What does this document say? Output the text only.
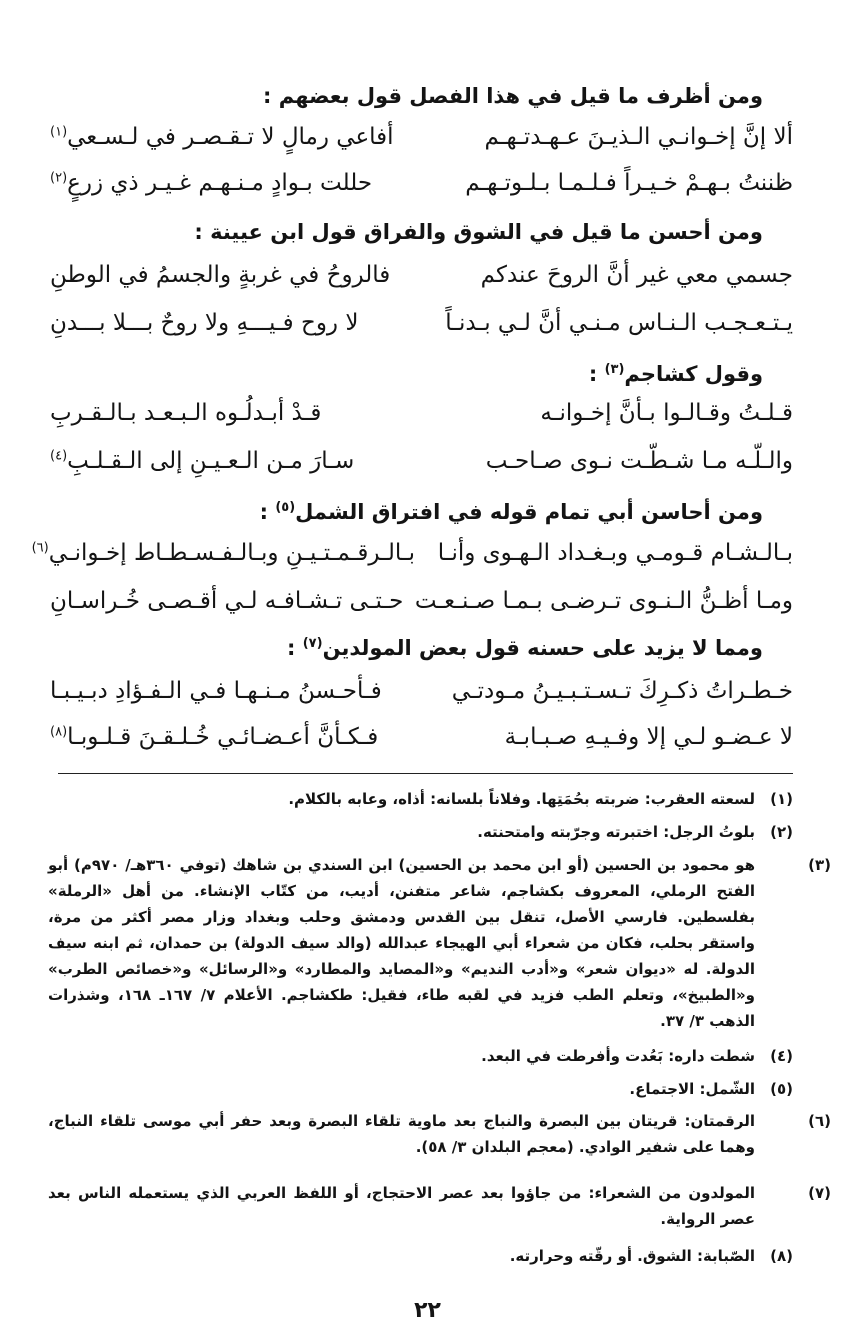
ومن أظرف ما قيل في هذا الفصل قول بعضهم :
ألا إنَّ إخـوانـي الـذيـنَ عـهـدتـهـم
أفاعي رمالٍ لا تـقـصـر في لـسـعي$^{(١)}$
ظننتُ بـهـمْ خـيـراً فـلـمـا بـلـوتـهـم
حللت بـوادٍ مـنـهـم غـيـر ذي زرعٍ$^{(٢)}$
ومن أحسن ما قيل في الشوق والفراق قول ابن عيينة :
جسمي معي غير أنَّ الروحَ عندكم
فالروحُ في غربةٍ والجسمُ في الوطنِ
يـتـعـجـب الـنـاس مـنـي أنَّ لـي بـدنـاً
لا روح فـيـــهِ ولا روحٌ بـــلا بـــدنِ
وقول كشاجم$^{(٣)}$ :
قـلـتُ وقـالـوا بـأنَّ إخـوانـه
قـدْ أبـدلُـوه الـبـعـد بـالـقـربِ
والـلّـه مـا شـطّـت نـوى صـاحـب
سـارَ مـن الـعـيـنِ إلى الـقـلـبِ$^{(٤)}$
ومن أحاسن أبي تمام قوله في افتراق الشمل$^{(٥)}$ :
بـالـشـام قـومـي وبـغـداد الـهـوى وأنـا
بـالـرقـمـتـيـنِ وبـالـفـسـطـاط إخـوانـي$^{(٦)}$
ومـا أظـنُّ الـنـوى تـرضـى بـمـا صـنـعـت
حـتـى تـشـافـه لـي أقـصـى خُـراسـانِ
ومما لا يزيد على حسنه قول بعض المولدين$^{(٧)}$ :
خـطـراتُ ذكـرِكَ تـسـتـبـيـنُ مـودتـي
فـأحـسنُ مـنـهـا فـي الـفـؤادِ دبـيـبـا
لا عـضـو لـي إلا وفـيـهِ صـبـابـة
فـكـأنَّ أعـضـائـي خُـلـقـنَ قـلـوبـا$^{(٨)}$
(١)لسعته العقرب: ضربته بحُمَتِها. وفلاناً بلسانه: أذاه، وعابه بالكلام.
(٢)بلوتُ الرجل: اختبرته وجرّبته وامتحنته.
(٣)هو محمود بن الحسين (أو ابن محمد بن الحسين) ابن السندي بن شاهك (توفي ٣٦٠هـ/ ٩٧٠م) أبو الفتح الرملي، المعروف بكشاجم، شاعر متفنن، أديب، من كتّاب الإنشاء. من أهل «الرملة» بفلسطين. فارسي الأصل، تنقل بين القدس ودمشق وحلب وبغداد وزار مصر أكثر من مرة، واستقر بحلب، فكان من شعراء أبي الهيجاء عبدالله (والد سيف الدولة) بن حمدان، ثم ابنه سيف الدولة. له «ديوان شعر» و«أدب النديم» و«المصايد والمطارد» و«الرسائل» و«خصائص الطرب» و«الطبيخ»، وتعلم الطب فزيد في لقبه طاء، فقيل: طكشاجم. الأعلام ٧/ ١٦٧ـ ١٦٨، وشذرات الذهب ٣/ ٣٧.
(٤)شطت داره: بَعُدت وأفرطت في البعد.
(٥)الشّمل: الاجتماع.
(٦)الرقمتان: قريتان بين البصرة والنباج بعد ماوية تلقاء البصرة وبعد حفر أبي موسى تلقاء النباج، وهما على شفير الوادي. (معجم البلدان ٣/ ٥٨).
(٧)المولدون من الشعراء: من جاؤوا بعد عصر الاحتجاج، أو اللفظ العربي الذي يستعمله الناس بعد عصر الرواية.
(٨)الصّبابة: الشوق. أو رقّته وحرارته.
٢٢
